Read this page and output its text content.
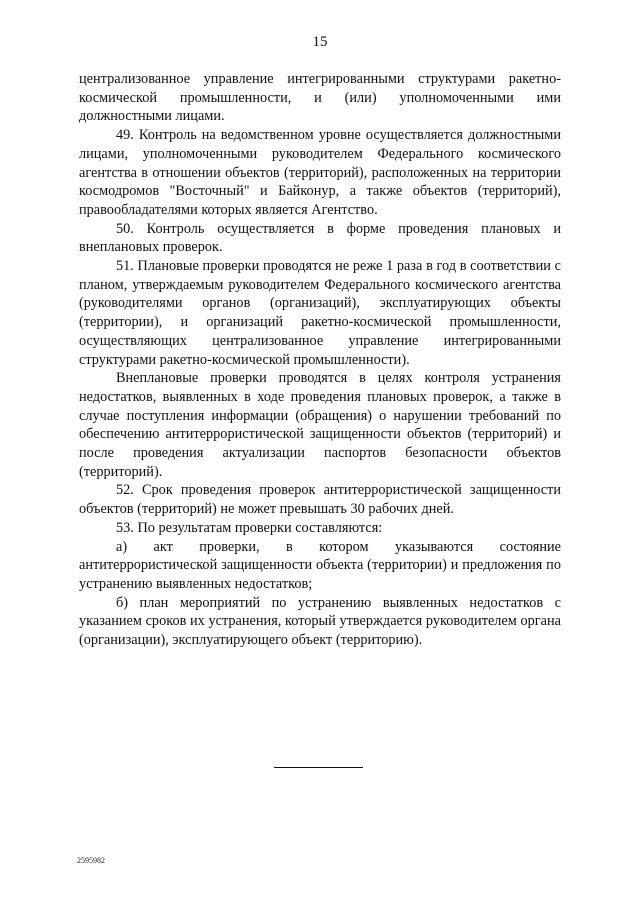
15

централизованное управление интегрированными структурами ракетно-космической промышленности, и (или) уполномоченными ими должностными лицами.

49. Контроль на ведомственном уровне осуществляется должностными лицами, уполномоченными руководителем Федерального космического агентства в отношении объектов (территорий), расположенных на территории космодромов "Восточный" и Байконур, а также объектов (территорий), правообладателями которых является Агентство.

50. Контроль осуществляется в форме проведения плановых и внеплановых проверок.

51. Плановые проверки проводятся не реже 1 раза в год в соответствии с планом, утверждаемым руководителем Федерального космического агентства (руководителями органов (организаций), эксплуатирующих объекты (территории), и организаций ракетно-космической промышленности, осуществляющих централизованное управление интегрированными структурами ракетно-космической промышленности).

Внеплановые проверки проводятся в целях контроля устранения недостатков, выявленных в ходе проведения плановых проверок, а также в случае поступления информации (обращения) о нарушении требований по обеспечению антитеррористической защищенности объектов (территорий) и после проведения актуализации паспортов безопасности объектов (территорий).

52. Срок проведения проверок антитеррористической защищенности объектов (территорий) не может превышать 30 рабочих дней.

53. По результатам проверки составляются:

а) акт проверки, в котором указываются состояние антитеррористической защищенности объекта (территории) и предложения по устранению выявленных недостатков;

б) план мероприятий по устранению выявленных недостатков с указанием сроков их устранения, который утверждается руководителем органа (организации), эксплуатирующего объект (территорию).

2595982
